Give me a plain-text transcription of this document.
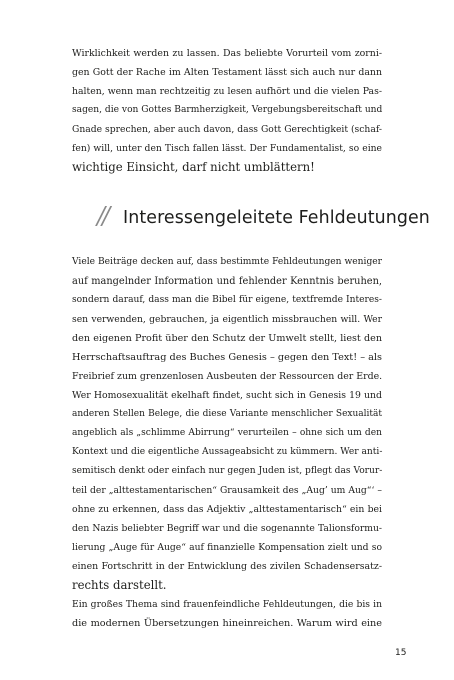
Wirklichkeit werden zu lassen. Das beliebte Vorurteil vom zorni-

gen Gott der Rache im Alten Testament lässt sich auch nur dann

halten, wenn man rechtzeitig zu lesen aufhört und die vielen Pas-

sagen, die von Gottes Barmherzigkeit, Vergebungsbereitschaft und

Gnade sprechen, aber auch davon, dass Gott Gerechtigkeit (schaf-

fen) will, unter den Tisch fallen lässt. Der Fundamentalist, so eine

wichtige Einsicht, darf nicht umblättern!

// Interessengeleitete Fehldeutungen

Viele Beiträge decken auf, dass bestimmte Fehldeutungen weniger

auf mangelnder Information und fehlender Kenntnis beruhen,

sondern darauf, dass man die Bibel für eigene, textfremde Interes-

sen verwenden, gebrauchen, ja eigentlich missbrauchen will. Wer

den eigenen Profit über den Schutz der Umwelt stellt, liest den

Herrschaftsauftrag des Buches Genesis – gegen den Text! – als

Freibrief zum grenzenlosen Ausbeuten der Ressourcen der Erde.

Wer Homosexualität ekelhaft findet, sucht sich in Genesis 19 und

anderen Stellen Belege, die diese Variante menschlicher Sexualität

angeblich als „schlimme Abirrung“ verurteilen – ohne sich um den

Kontext und die eigentliche Aussageabsicht zu kümmern. Wer anti-

semitisch denkt oder einfach nur gegen Juden ist, pflegt das Vorur-

teil der „alttestamentarischen“ Grausamkeit des „Aug’ um Aug“‘ –

ohne zu erkennen, dass das Adjektiv „alttestamentarisch“ ein bei

den Nazis beliebter Begriff war und die sogenannte Talionsformu-

lierung „Auge für Auge“ auf finanzielle Kompensation zielt und so

einen Fortschritt in der Entwicklung des zivilen Schadensersatz-

rechts darstellt.

Ein großes Thema sind frauenfeindliche Fehldeutungen, die bis in

die modernen Übersetzungen hineinreichen. Warum wird eine

15
